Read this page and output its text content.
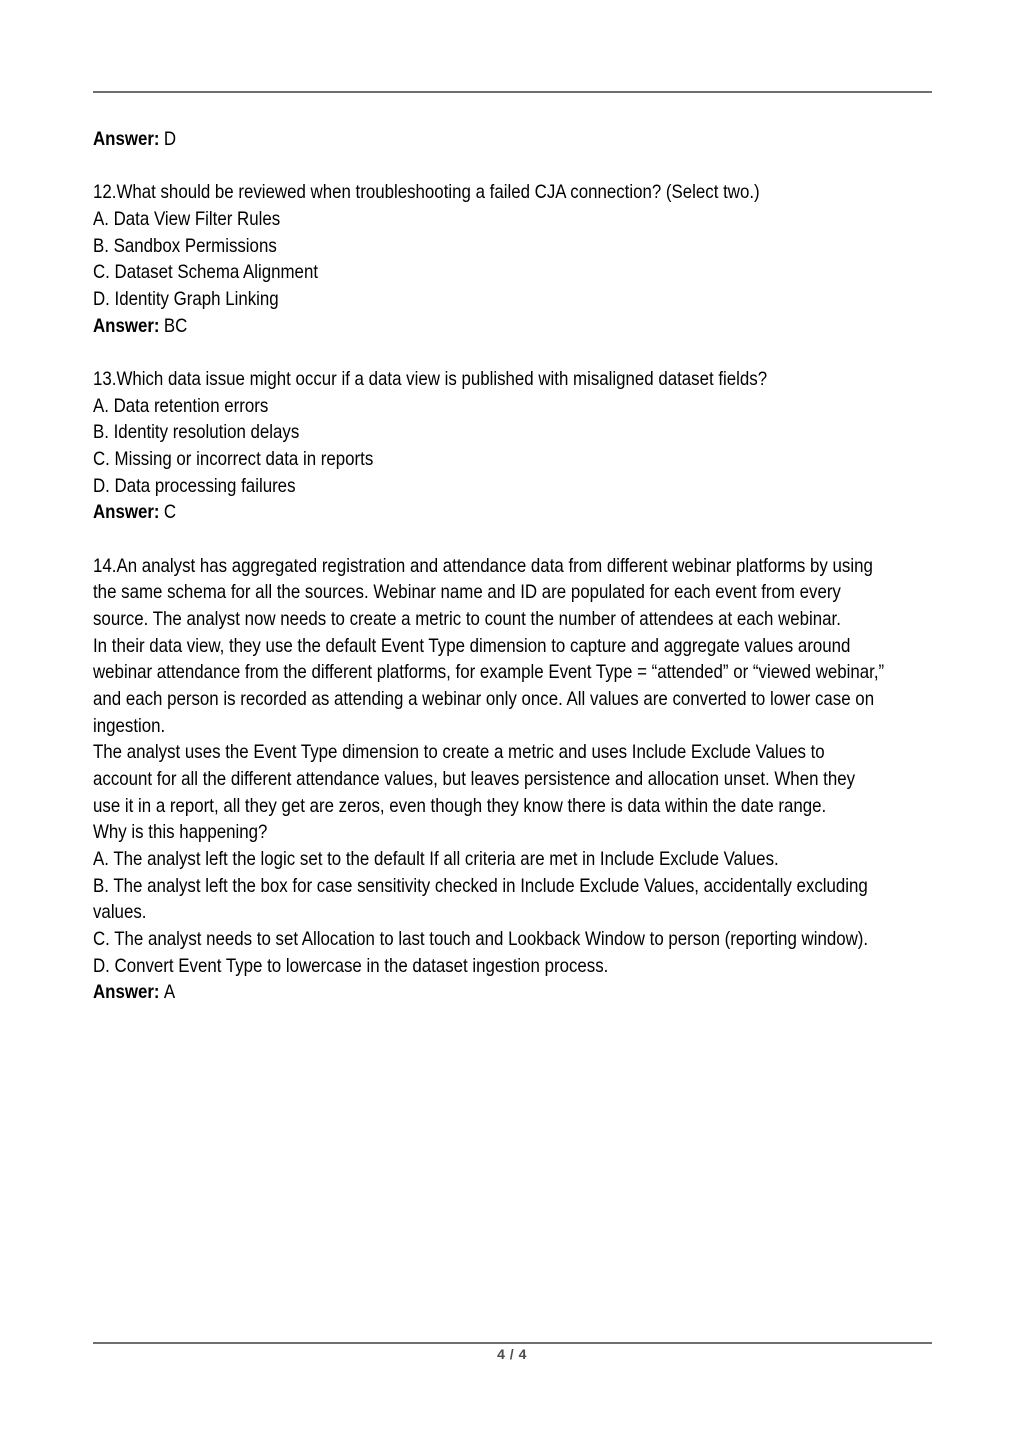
Answer: D
12.What should be reviewed when troubleshooting a failed CJA connection? (Select two.)
A. Data View Filter Rules
B. Sandbox Permissions
C. Dataset Schema Alignment
D. Identity Graph Linking
Answer: BC
13.Which data issue might occur if a data view is published with misaligned dataset fields?
A. Data retention errors
B. Identity resolution delays
C. Missing or incorrect data in reports
D. Data processing failures
Answer: C
14.An analyst has aggregated registration and attendance data from different webinar platforms by using
the same schema for all the sources. Webinar name and ID are populated for each event from every
source. The analyst now needs to create a metric to count the number of attendees at each webinar.
In their data view, they use the default Event Type dimension to capture and aggregate values around
webinar attendance from the different platforms, for example Event Type = “attended” or “viewed webinar,”
and each person is recorded as attending a webinar only once. All values are converted to lower case on
ingestion.
The analyst uses the Event Type dimension to create a metric and uses Include Exclude Values to
account for all the different attendance values, but leaves persistence and allocation unset. When they
use it in a report, all they get are zeros, even though they know there is data within the date range.
Why is this happening?
A. The analyst left the logic set to the default If all criteria are met in Include Exclude Values.
B. The analyst left the box for case sensitivity checked in Include Exclude Values, accidentally excluding
values.
C. The analyst needs to set Allocation to last touch and Lookback Window to person (reporting window).
D. Convert Event Type to lowercase in the dataset ingestion process.
Answer: A
4 / 4
